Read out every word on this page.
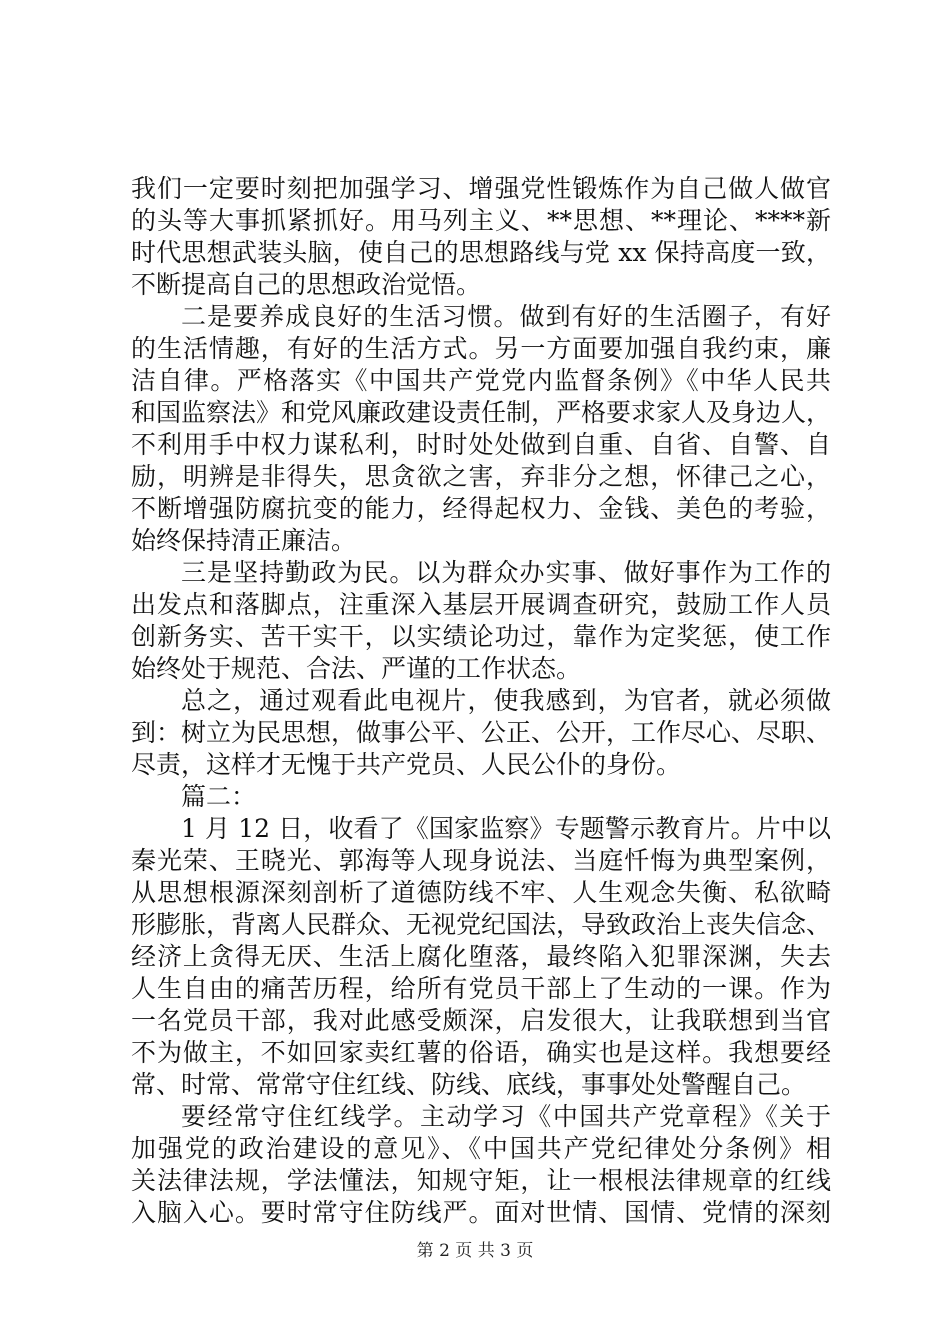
我们一定要时刻把加强学习、增强党性锻炼作为自己做人做官
的头等大事抓紧抓好。用马列主义、**思想、**理论、****新
时代思想武装头脑，使自己的思想路线与党 xx 保持高度一致，
不断提高自己的思想政治觉悟。
二是要养成良好的生活习惯。做到有好的生活圈子，有好
的生活情趣，有好的生活方式。另一方面要加强自我约束，廉
洁自律。严格落实《中国共产党党内监督条例》《中华人民共
和国监察法》和党风廉政建设责任制，严格要求家人及身边人，
不利用手中权力谋私利，时时处处做到自重、自省、自警、自
励，明辨是非得失，思贪欲之害，弃非分之想，怀律己之心，
不断增强防腐抗变的能力，经得起权力、金钱、美色的考验，
始终保持清正廉洁。
三是坚持勤政为民。以为群众办实事、做好事作为工作的
出发点和落脚点，注重深入基层开展调查研究，鼓励工作人员
创新务实、苦干实干，以实绩论功过，靠作为定奖惩，使工作
始终处于规范、合法、严谨的工作状态。
总之，通过观看此电视片，使我感到，为官者，就必须做
到：树立为民思想，做事公平、公正、公开，工作尽心、尽职、
尽责，这样才无愧于共产党员、人民公仆的身份。
篇二：
1 月 12 日，收看了《国家监察》专题警示教育片。片中以
秦光荣、王晓光、郭海等人现身说法、当庭忏悔为典型案例，
从思想根源深刻剖析了道德防线不牢、人生观念失衡、私欲畸
形膨胀，背离人民群众、无视党纪国法，导致政治上丧失信念、
经济上贪得无厌、生活上腐化堕落，最终陷入犯罪深渊，失去
人生自由的痛苦历程，给所有党员干部上了生动的一课。作为
一名党员干部，我对此感受颇深，启发很大，让我联想到当官
不为做主，不如回家卖红薯的俗语，确实也是这样。我想要经
常、时常、常常守住红线、防线、底线，事事处处警醒自己。
要经常守住红线学。主动学习《中国共产党章程》《关于
加强党的政治建设的意见》、《中国共产党纪律处分条例》相
关法律法规，学法懂法，知规守矩，让一根根法律规章的红线
入脑入心。要时常守住防线严。面对世情、国情、党情的深刻
第 2 页 共 3 页
